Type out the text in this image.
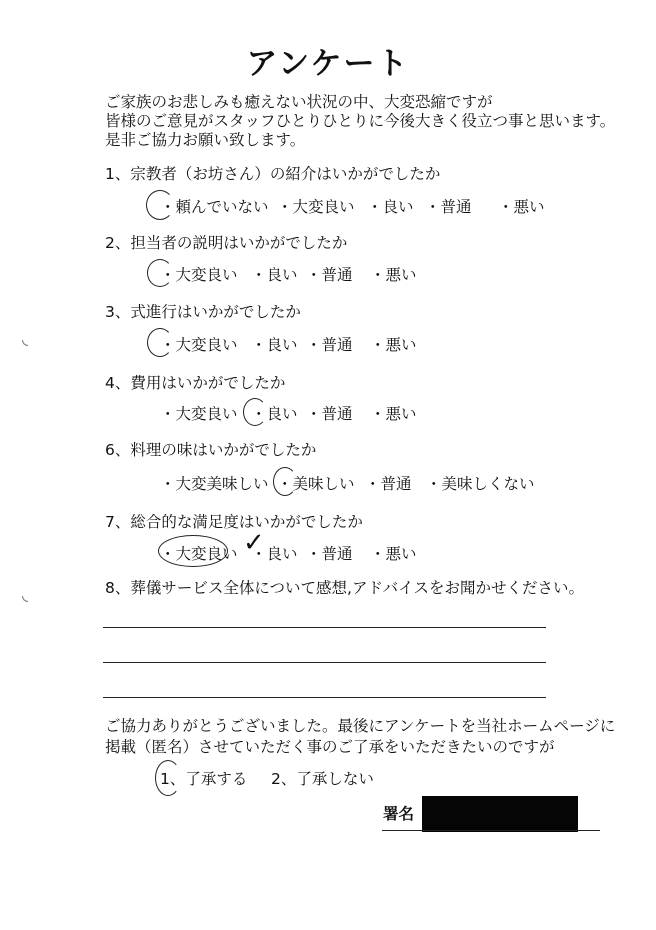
アンケート
ご家族のお悲しみも癒えない状況の中、大変恐縮ですが
皆様のご意見がスタッフひとりひとりに今後大きく役立つ事と思います。
是非ご協力お願い致します。
1、宗教者（お坊さん）の紹介はいかがでしたか
・頼んでいない ・大変良い ・良い ・普通 ・悪い
2、担当者の説明はいかがでしたか
・大変良い ・良い ・普通 ・悪い
3、式進行はいかがでしたか
・大変良い ・良い ・普通 ・悪い
4、費用はいかがでしたか
・大変良い ・良い ・普通 ・悪い
6、料理の味はいかがでしたか
・大変美味しい ・美味しい ・普通 ・美味しくない
7、総合的な満足度はいかがでしたか
・大変良い ・良い ・普通 ・悪い
✓
8、葬儀サービス全体について感想,アドバイスをお聞かせください。
ご協力ありがとうございました。最後にアンケートを当社ホームページに
掲載（匿名）させていただく事のご了承をいただきたいのですが
1、了承する 2、了承しない
署名
